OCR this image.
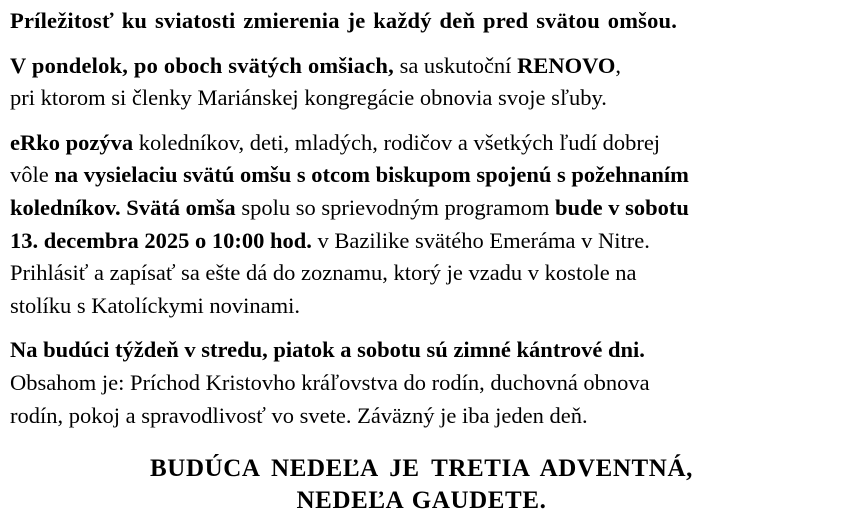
Príležitosť ku sviatosti zmierenia je každý deň pred svätou omšou.

V pondelok, po oboch svätých omšiach, sa uskutoční RENOVO,

pri ktorom si členky Mariánskej kongregácie obnovia svoje sľuby.

eRko pozýva koledníkov, deti, mladých, rodičov a všetkých ľudí dobrej

vôle na vysielaciu svätú omšu s otcom biskupom spojenú s požehnaním

koledníkov. Svätá omša spolu so sprievodným programom bude v sobotu

13. decembra 2025 o 10:00 hod. v Bazilike svätého Emeráma v Nitre.

Prihlásiť a zapísať sa ešte dá do zoznamu, ktorý je vzadu v kostole na

stolíku s Katolíckymi novinami.

Na budúci týždeň v stredu, piatok a sobotu sú zimné kántrové dni.

Obsahom je: Príchod Kristovho kráľovstva do rodín, duchovná obnova

rodín, pokoj a spravodlivosť vo svete. Záväzný je iba jeden deň.

BUDÚCA NEDEĽA JE TRETIA ADVENTNÁ,
NEDEĽA GAUDETE.
